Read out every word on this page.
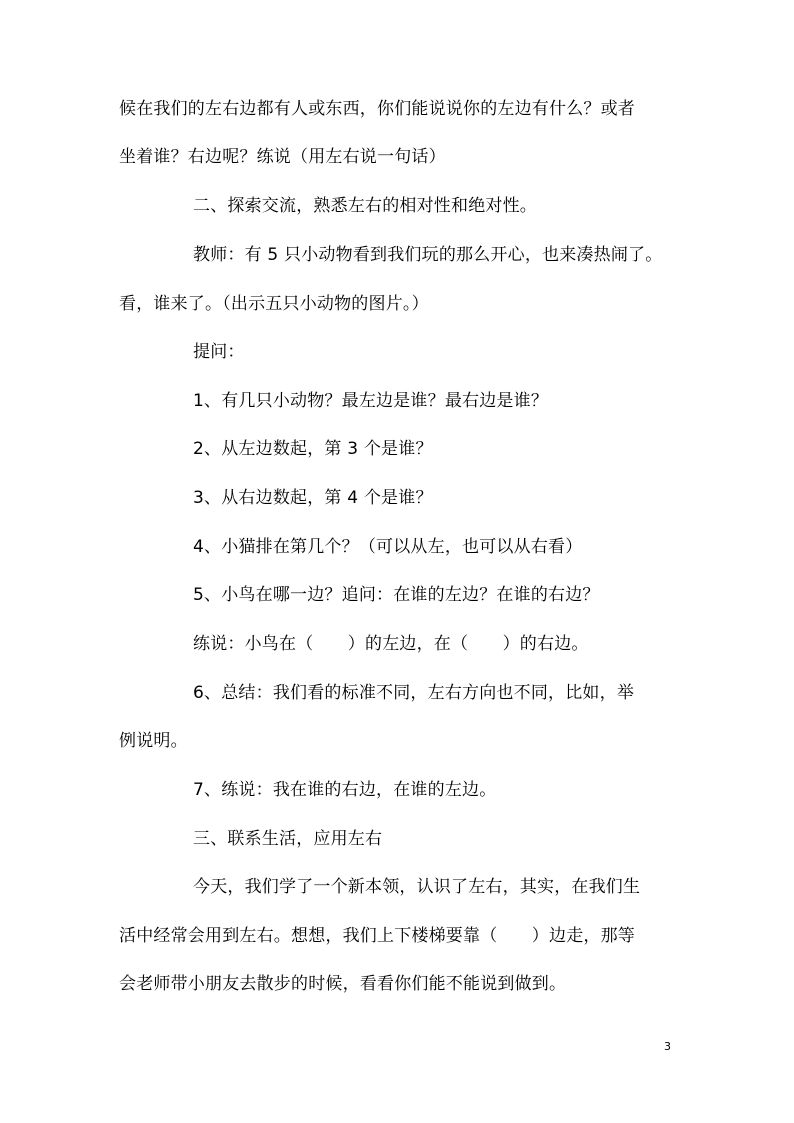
候在我们的左右边都有人或东西，你们能说说你的左边有什么？或者
坐着谁？右边呢？练说（用左右说一句话）
二、探索交流，熟悉左右的相对性和绝对性。
教师：有 5 只小动物看到我们玩的那么开心，也来凑热闹了。
看，谁来了。（出示五只小动物的图片。）
提问：
1、有几只小动物？最左边是谁？最右边是谁？
2、从左边数起，第 3 个是谁？
3、从右边数起，第 4 个是谁？
4、小猫排在第几个？（可以从左，也可以从右看）
5、小鸟在哪一边？追问：在谁的左边？在谁的右边？
练说：小鸟在（　　）的左边，在（　　）的右边。
6、总结：我们看的标准不同，左右方向也不同，比如，举
例说明。
7、练说：我在谁的右边，在谁的左边。
三、联系生活，应用左右
今天，我们学了一个新本领，认识了左右，其实，在我们生
活中经常会用到左右。想想，我们上下楼梯要靠（　　）边走，那等
会老师带小朋友去散步的时候，看看你们能不能说到做到。
3
